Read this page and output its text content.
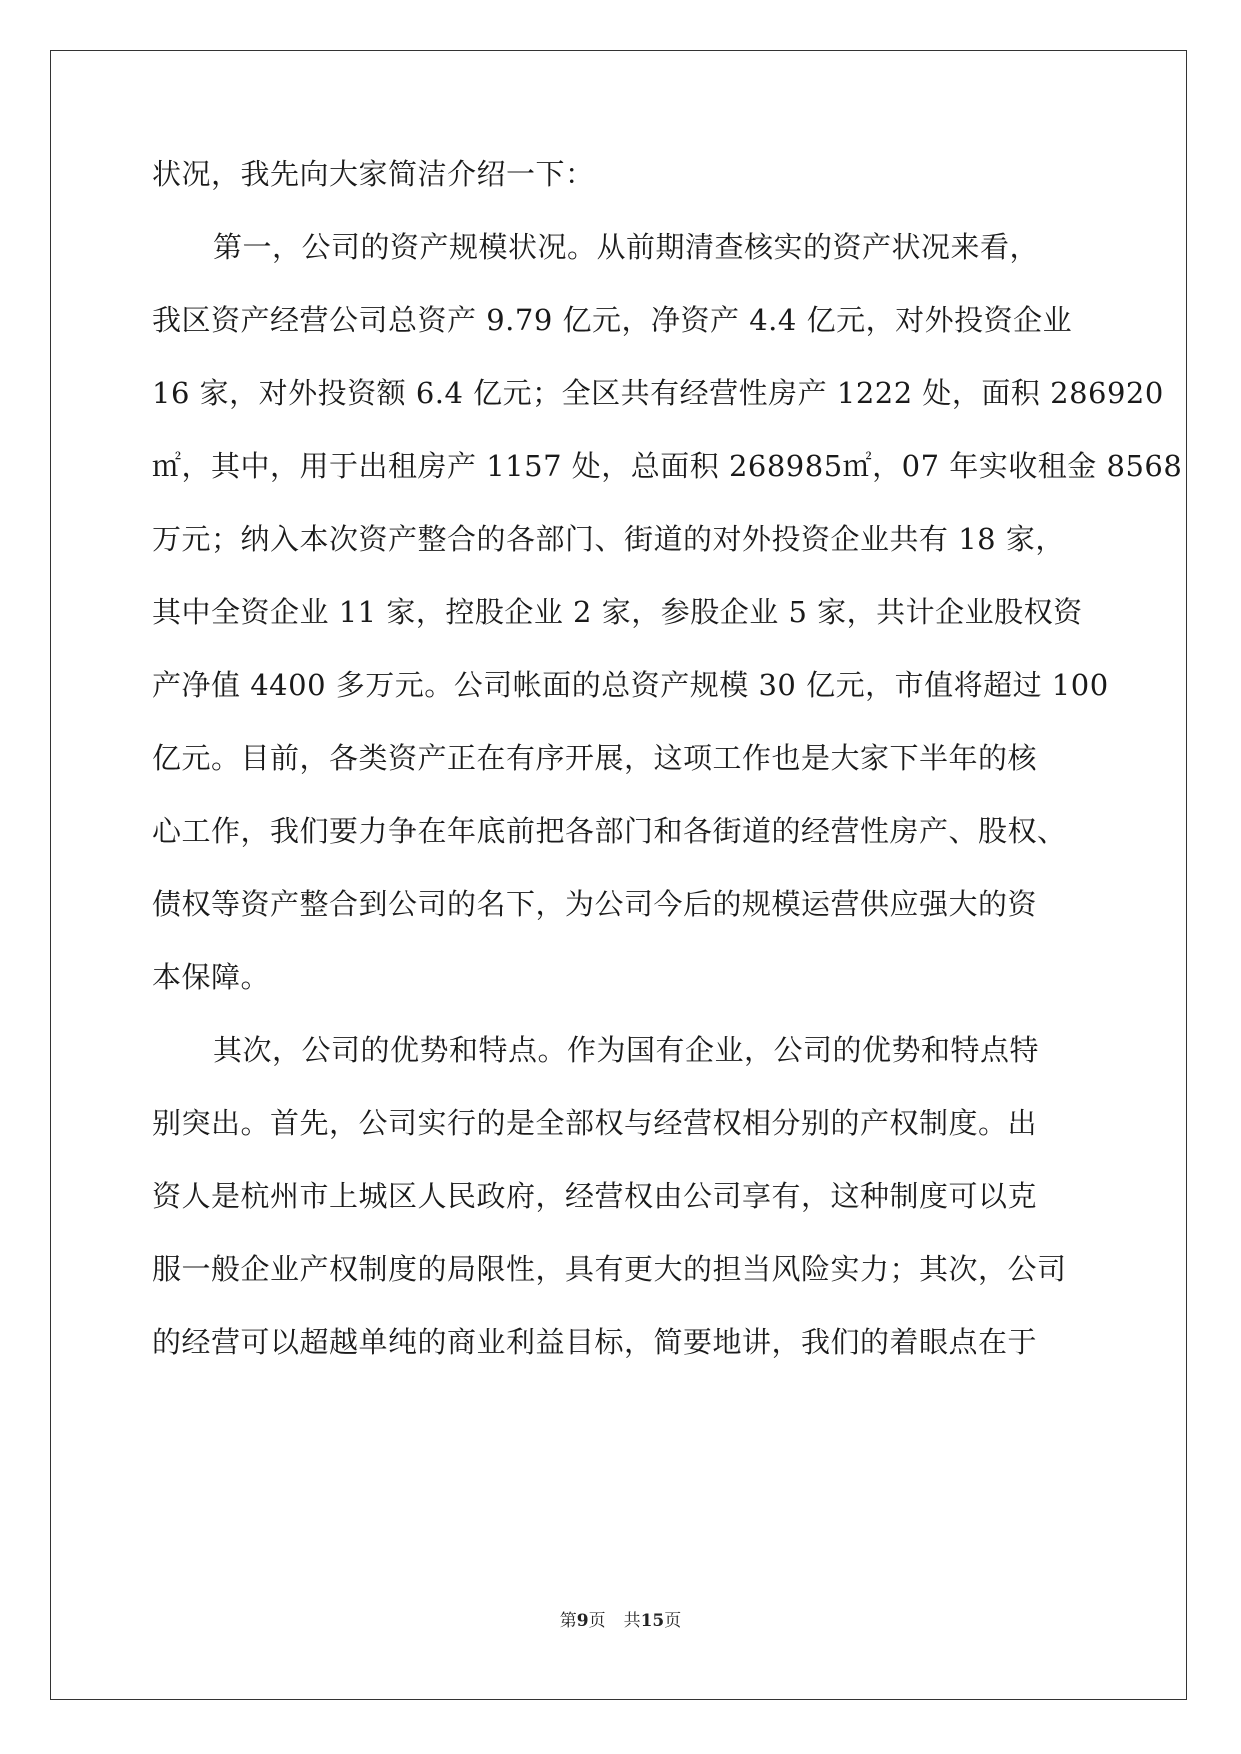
状况，我先向大家简洁介绍一下：
第一，公司的资产规模状况。从前期清查核实的资产状况来看，
我区资产经营公司总资产 9.79 亿元，净资产 4.4 亿元，对外投资企业
16 家，对外投资额 6.4 亿元；全区共有经营性房产 1222 处，面积 286920
㎡，其中，用于出租房产 1157 处，总面积 268985㎡，07 年实收租金 8568
万元；纳入本次资产整合的各部门、街道的对外投资企业共有 18 家，
其中全资企业 11 家，控股企业 2 家，参股企业 5 家，共计企业股权资
产净值 4400 多万元。公司帐面的总资产规模 30 亿元，市值将超过 100
亿元。目前，各类资产正在有序开展，这项工作也是大家下半年的核
心工作，我们要力争在年底前把各部门和各街道的经营性房产、股权、
债权等资产整合到公司的名下，为公司今后的规模运营供应强大的资
本保障。
其次，公司的优势和特点。作为国有企业，公司的优势和特点特
别突出。首先，公司实行的是全部权与经营权相分别的产权制度。出
资人是杭州市上城区人民政府，经营权由公司享有，这种制度可以克
服一般企业产权制度的局限性，具有更大的担当风险实力；其次，公司
的经营可以超越单纯的商业利益目标，简要地讲，我们的着眼点在于
第9页 共15页
